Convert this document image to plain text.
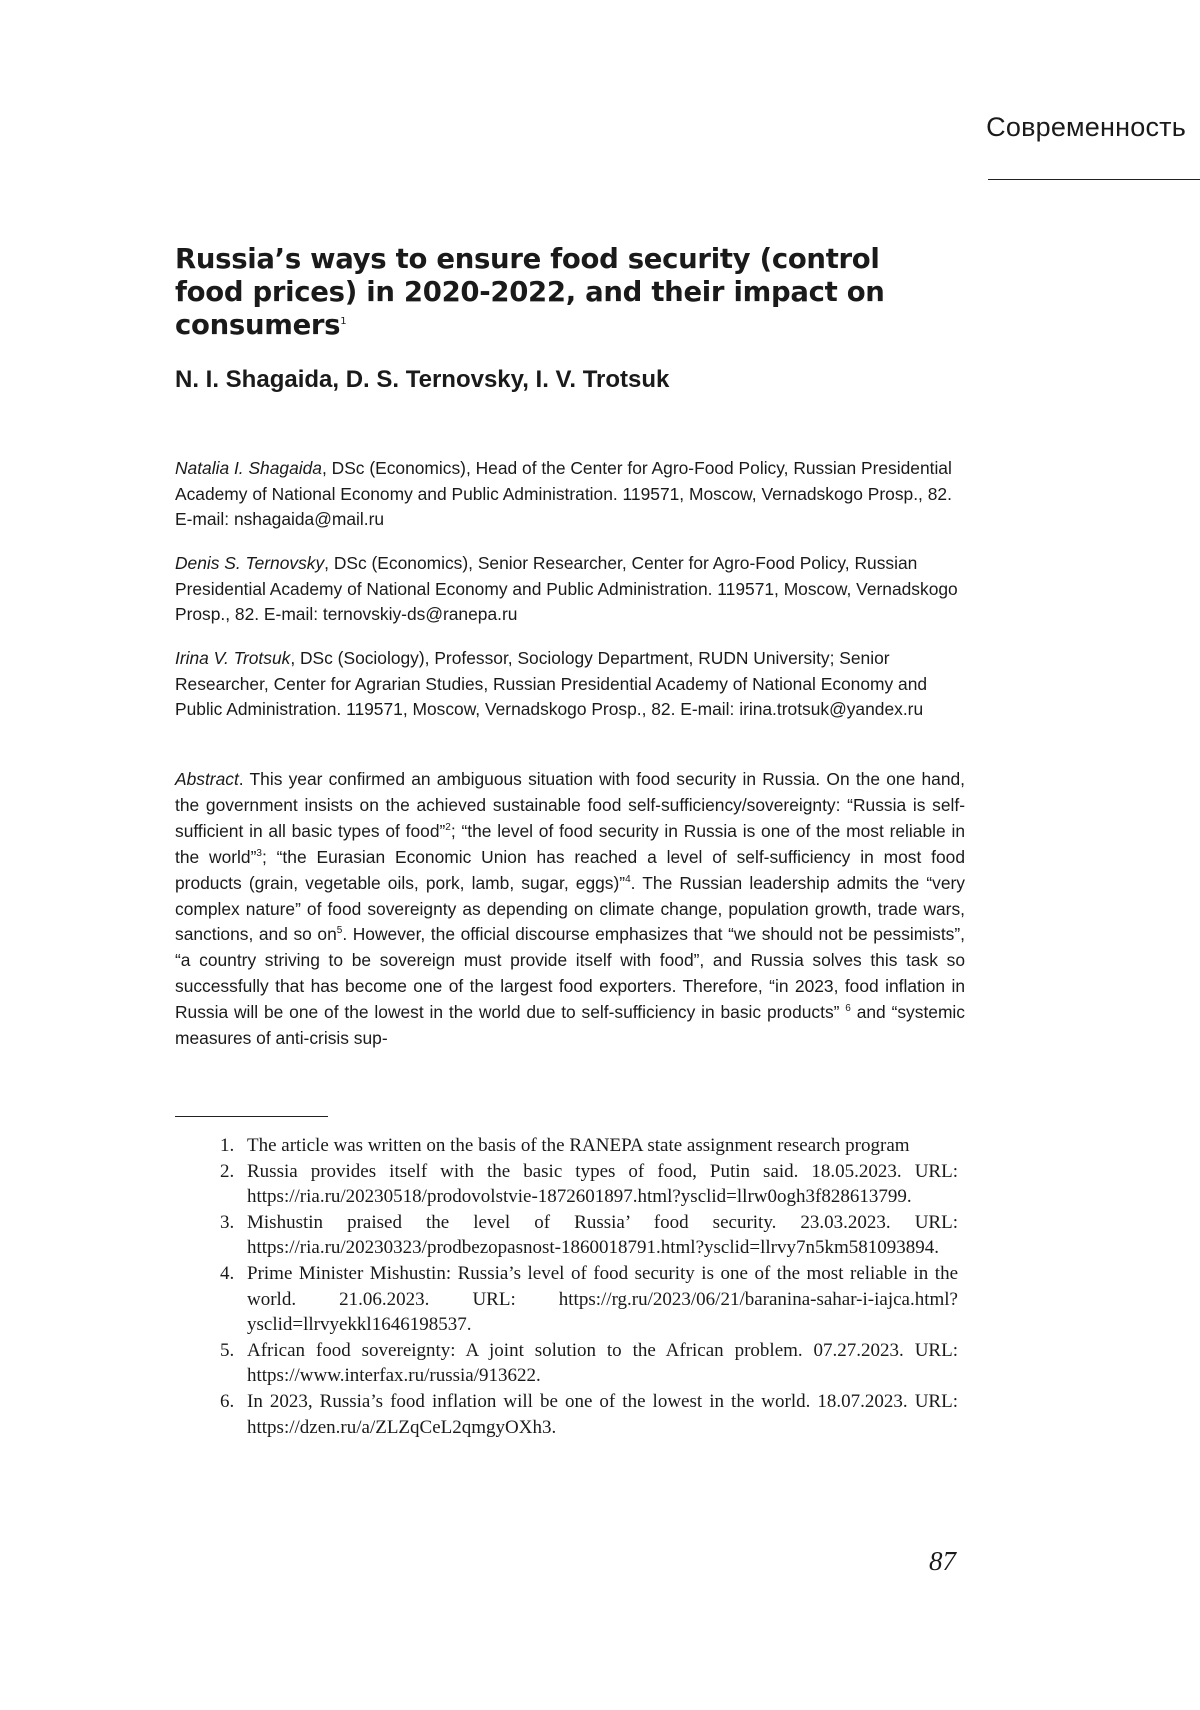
Современность
Russia’s ways to ensure food security (control food prices) in 2020-2022, and their impact on consumers1

N. I. Shagaida, D. S. Ternovsky, I. V. Trotsuk

Natalia I. Shagaida, DSc (Economics), Head of the Center for Agro-Food Policy, Russian Presidential Academy of National Economy and Public Administration. 119571, Moscow, Vernadskogo Prosp., 82. E-mail: nshagaida@mail.ru

Denis S. Ternovsky, DSc (Economics), Senior Researcher, Center for Agro-Food Policy, Russian Presidential Academy of National Economy and Public Administration. 119571, Moscow, Vernadskogo Prosp., 82. E-mail: ternovskiy-ds@ranepa.ru

Irina V. Trotsuk, DSc (Sociology), Professor, Sociology Department, RUDN University; Senior Researcher, Center for Agrarian Studies, Russian Presidential Academy of National Economy and Public Administration. 119571, Moscow, Vernadskogo Prosp., 82. E-mail: irina.trotsuk@yandex.ru

Abstract. This year confirmed an ambiguous situation with food security in Russia. On the one hand, the government insists on the achieved sustainable food self-sufficiency/sovereignty: “Russia is self-sufficient in all basic types of food”2; “the level of food security in Russia is one of the most reliable in the world”3; “the Eurasian Economic Union has reached a level of self-sufficiency in most food products (grain, vegetable oils, pork, lamb, sugar, eggs)”4. The Russian leadership admits the “very complex nature” of food sovereignty as depending on climate change, population growth, trade wars, sanctions, and so on5. However, the official discourse emphasizes that “we should not be pessimists”, “a country striving to be sovereign must provide itself with food”, and Russia solves this task so successfully that has become one of the largest food exporters. Therefore, “in 2023, food inflation in Russia will be one of the lowest in the world due to self-sufficiency in basic products” 6 and “systemic measures of anti-crisis sup-

1. The article was written on the basis of the RANEPA state assignment research program
2. Russia provides itself with the basic types of food, Putin said. 18.05.2023. URL: https://ria.ru/20230518/prodovolstvie-1872601897.html?ysclid=llrw0ogh3f828613799.
3. Mishustin praised the level of Russia’ food security. 23.03.2023. URL: https://ria.ru/20230323/prodbezopasnost-1860018791.html?ysclid=llrvy7n5km581093894.
4. Prime Minister Mishustin: Russia’s level of food security is one of the most reliable in the world. 21.06.2023. URL: https://rg.ru/2023/06/21/baranina-sahar-i-iajca.html?ysclid=llrvyekkl1646198537.
5. African food sovereignty: A joint solution to the African problem. 07.27.2023. URL: https://www.interfax.ru/russia/913622.
6. In 2023, Russia’s food inflation will be one of the lowest in the world. 18.07.2023. URL: https://dzen.ru/a/ZLZqCeL2qmgyOXh3.
87
